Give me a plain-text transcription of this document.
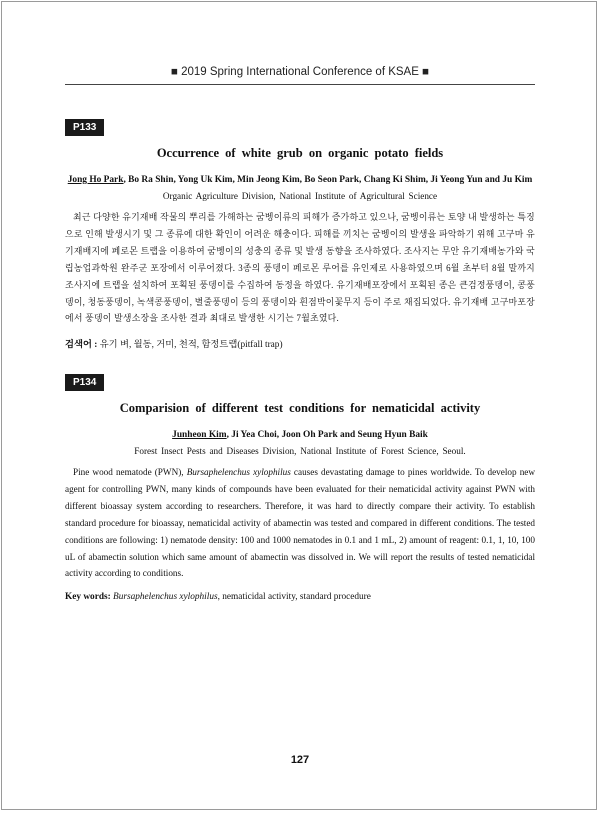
■ 2019 Spring International Conference of KSAE ■
P133
Occurrence of white grub on organic potato fields
Jong Ho Park, Bo Ra Shin, Yong Uk Kim, Min Jeong Kim, Bo Seon Park, Chang Ki Shim, Ji Yeong Yun and Ju Kim
Organic Agriculture Division, National Institute of Agricultural Science

최근 다양한 유기재배 작물의 뿌리를 가해하는 굼벵이류의 피해가 증가하고 있으나, 굼벵이류는 토양 내 발생하는 특징으로 인해 발생시기 및 그 종류에 대한 확인이 어려운 해충이다. 피해를 끼치는 굼벵이의 발생을 파악하기 위해 고구마 유기재배지에 페로몬 트랩을 이용하여 굼벵이의 성충의 종류 및 발생 동향을 조사하였다. 조사지는 무안 유기재배농가와 국립농업과학원 완주군 포장에서 이루어졌다. 3종의 풍뎅이 페로몬 루어를 유인제로 사용하였으며 6월 초부터 8월 말까지 조사지에 트랩을 설치하여 포획된 풍뎅이를 수집하여 동정을 하였다. 유기재배포장에서 포획된 종은 큰검정풍뎅이, 콩풍뎅이, 청동풍뎅이, 녹색콩풍뎅이, 별줄풍뎅이 등의 풍뎅이와 흰점박이꽃무지 등이 주로 채집되었다. 유기재배 고구마포장에서 풍뎅이 발생소장을 조사한 결과 최대로 발생한 시기는 7월초였다.

검색어 : 유기 벼, 월동, 거미, 천적, 함정트랩(pitfall trap)
P134
Comparision of different test conditions for nematicidal activity
Junheon Kim, Ji Yea Choi, Joon Oh Park and Seung Hyun Baik
Forest Insect Pests and Diseases Division, National Institute of Forest Science, Seoul.

Pine wood nematode (PWN), Bursaphelenchus xylophilus causes devastating damage to pines worldwide. To develop new agent for controlling PWN, many kinds of compounds have been evaluated for their nematicidal activity against PWN with different bioassay system according to researchers. Therefore, it was hard to directly compare their activity. To establish standard procedure for bioassay, nematicidal activity of abamectin was tested and compared in different conditions. The tested conditions are following: 1) nematode density: 100 and 1000 nematodes in 0.1 and 1 mL, 2) amount of reagent: 0.1, 1, 10, 100 uL of abamectin solution which same amount of abamectin was dissolved in. We will report the results of tested nematicidal activity according to conditions.

Key words: Bursaphelenchus xylophilus, nematicidal activity, standard procedure
127
